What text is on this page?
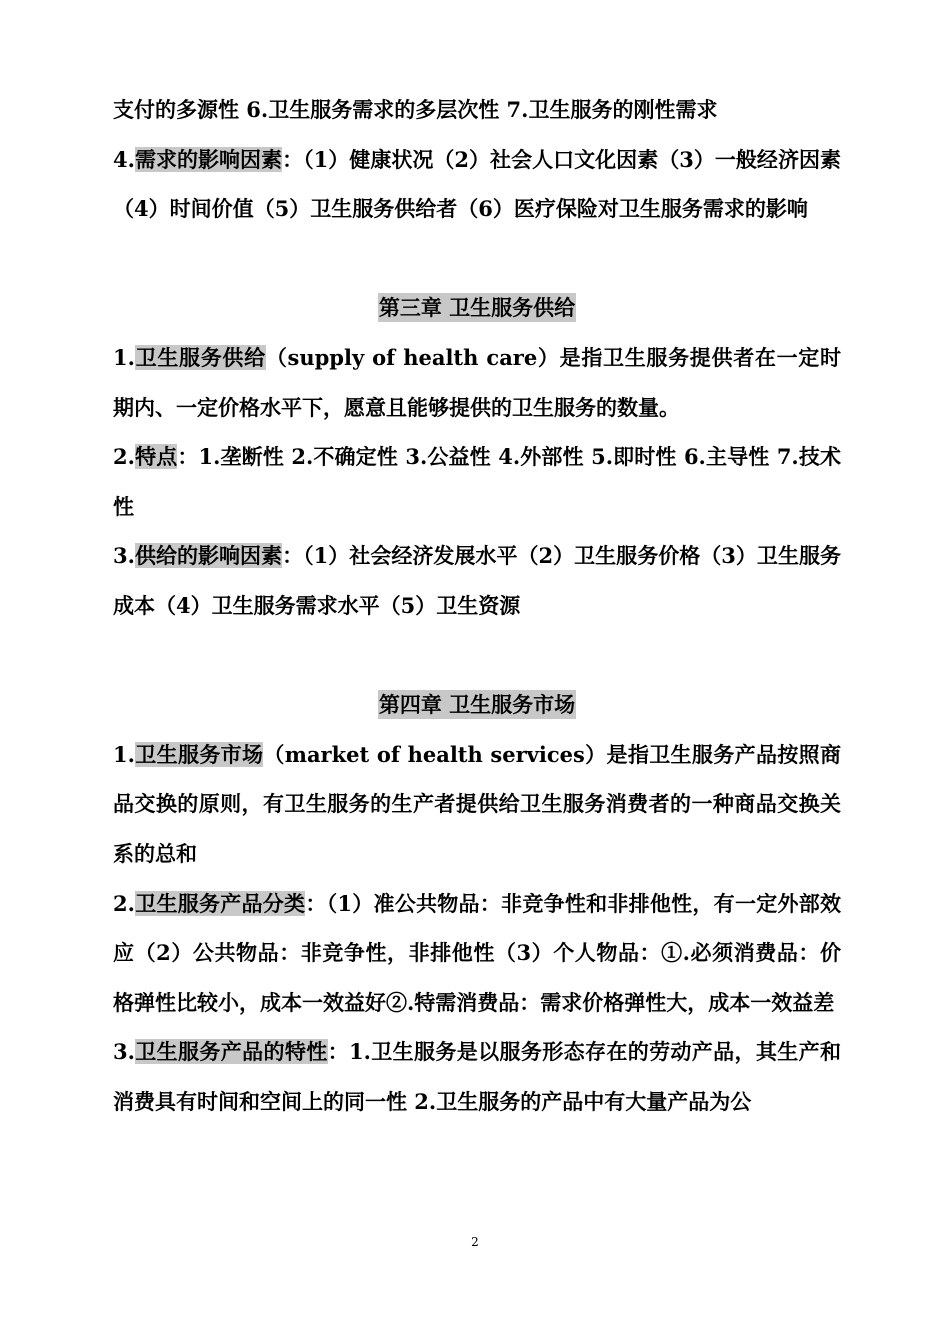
支付的多源性 6.卫生服务需求的多层次性 7.卫生服务的刚性需求

4.需求的影响因素：（1）健康状况（2）社会人口文化因素（3）一般经济因素（4）时间价值（5）卫生服务供给者（6）医疗保险对卫生服务需求的影响

第三章 卫生服务供给

1.卫生服务供给（supply of health care）是指卫生服务提供者在一定时期内、一定价格水平下，愿意且能够提供的卫生服务的数量。

2.特点：1.垄断性 2.不确定性 3.公益性 4.外部性 5.即时性 6.主导性 7.技术性

3.供给的影响因素：（1）社会经济发展水平（2）卫生服务价格（3）卫生服务成本（4）卫生服务需求水平（5）卫生资源

第四章 卫生服务市场

1.卫生服务市场（market of health services）是指卫生服务产品按照商品交换的原则，有卫生服务的生产者提供给卫生服务消费者的一种商品交换关系的总和

2.卫生服务产品分类：（1）准公共物品：非竞争性和非排他性，有一定外部效应（2）公共物品：非竞争性，非排他性（3）个人物品：①.必须消费品：价格弹性比较小，成本一效益好②.特需消费品：需求价格弹性大，成本一效益差

3.卫生服务产品的特性：1.卫生服务是以服务形态存在的劳动产品，其生产和消费具有时间和空间上的同一性 2.卫生服务的产品中有大量产品为公

2
